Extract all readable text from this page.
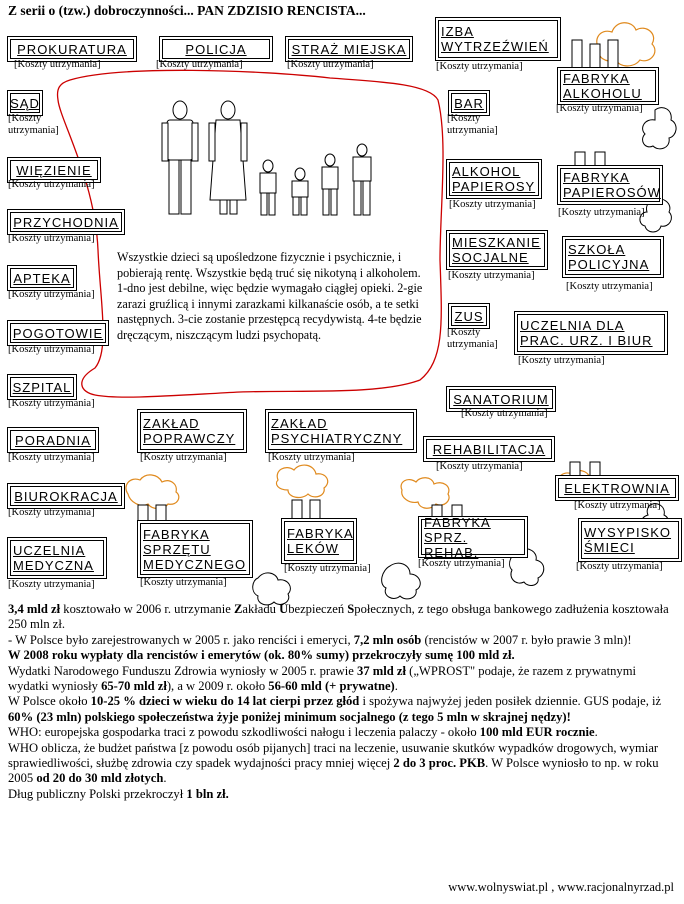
Z serii o (tzw.) dobroczynności... PAN ZDZISIO RENCISTA...
PROKURATURA
[Koszty utrzymania]
POLICJA
[Koszty utrzymania]
STRAŻ MIEJSKA
[Koszty utrzymania]
IZBA WYTRZEŹWIEŃ
[Koszty utrzymania]
SĄD
[Koszty
utrzymania]
BAR
[Koszty
utrzymania]
FABRYKA ALKOHOLU
[Koszty utrzymania]
WIĘZIENIE
[Koszty utrzymania]
ALKOHOL PAPIEROSY
[Koszty utrzymania]
FABRYKA PAPIEROSÓW
[Koszty utrzymania]
PRZYCHODNIA
[Koszty utrzymania]	MIESZKANIE SOCJALNE
[Koszty utrzymania]
SZKOŁA POLICYJNA
[Koszty utrzymania]
APTEKA
[Koszty utrzymania]
ZUS
[Koszty
utrzymania]
UCZELNIA DLA PRAC. URZ. I BIUR
[Koszty utrzymania]
POGOTOWIE
[Koszty utrzymania]
SZPITAL
[Koszty utrzymania]	SANATORIUM
[Koszty utrzymania]
PORADNIA
[Koszty utrzymania]
ZAKŁAD POPRAWCZY
[Koszty utrzymania]
ZAKŁAD PSYCHIATRYCZNY
[Koszty utrzymania]
REHABILITACJA
[Koszty utrzymania]
BIUROKRACJA
[Koszty utrzymania]
ELEKTROWNIA
[Koszty utrzymania]
FABRYKA SPRZĘTU MEDYCZNEGO
[Koszty utrzymania]
FABRYKA LEKÓW
[Koszty utrzymania]
FABRYKA SPRZ. REHAB.
[Koszty utrzymania]
WYSYPISKO ŚMIECI
[Koszty utrzymania]
UCZELNIA MEDYCZNA
[Koszty utrzymania]
Wszystkie dzieci są upośledzone fizycznie i psychicznie, i pobierają rentę. Wszystkie będą truć się nikotyną i alkoholem. 1-dno jest debilne, więc będzie wymagało ciągłej opieki. 2-gie zarazi gruźlicą i innymi zarazkami kilkanaście osób, a te setki następnych. 3-cie zostanie przestępcą recydywistą. 4-te będzie dręczącym, niszczącym ludzi psychopatą.

3,4 mld zł kosztowało w 2006 r. utrzymanie Zakładu Ubezpieczeń Społecznych, z tego obsługa bankowego zadłużenia kosztowała 250 mln zł.

- W Polsce było zarejestrowanych w 2005 r. jako renciści i emeryci, 7,2 mln osób (rencistów w 2007 r. było prawie 3 mln)!

W 2008 roku wypłaty dla rencistów i emerytów (ok. 80% sumy) przekroczyły sumę 100 mld zł.

Wydatki Narodowego Funduszu Zdrowia wyniosły w 2005 r. prawie 37 mld zł („WPROST" podaje, że razem z prywatnymi wydatki wyniosły 65-70 mld zł), a w 2009 r. około 56-60 mld (+ prywatne).

W Polsce około 10-25 % dzieci w wieku do 14 lat cierpi przez głód i spożywa najwyżej jeden posiłek dziennie. GUS podaje, iż 60% (23 mln) polskiego społeczeństwa żyje poniżej minimum socjalnego (z tego 5 mln w skrajnej nędzy)!

WHO: europejska gospodarka traci z powodu szkodliwości nałogu i leczenia palaczy - około 100 mld EUR rocznie.

WHO oblicza, że budżet państwa [z powodu osób pijanych] traci na leczenie, usuwanie skutków wypadków drogowych, wymiar sprawiedliwości, służbę zdrowia czy spadek wydajności pracy mniej więcej 2 do 3 proc. PKB. W Polsce wyniosło to np. w roku 2005 od 20 do 30 mld złotych.

Dług publiczny Polski przekroczył 1 bln zł.

www.wolnyswiat.pl , www.racjonalnyrzad.pl
